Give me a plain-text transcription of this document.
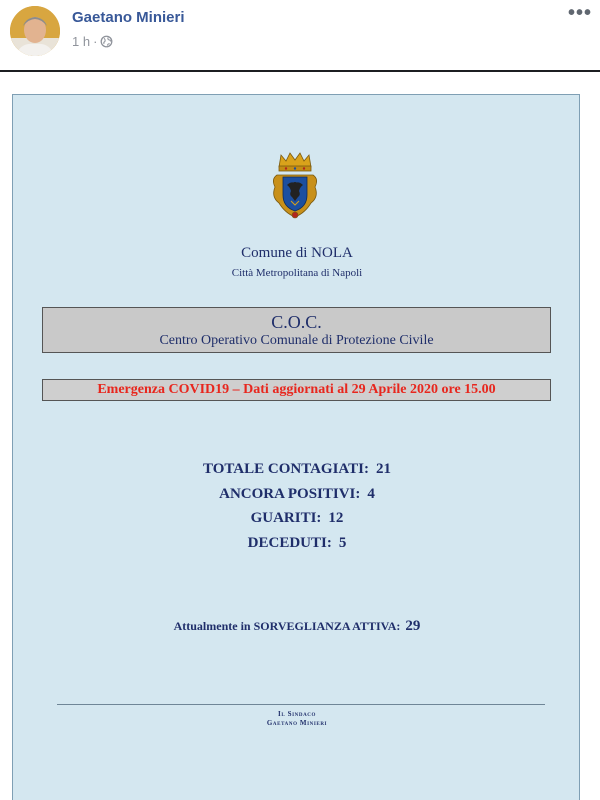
Gaetano Minieri
1 h ·
•••
Comune di NOLA
Città Metropolitana di Napoli
C.O.C.
Centro Operativo Comunale di Protezione Civile
Emergenza COVID19 – Dati aggiornati al 29 Aprile 2020 ore 15.00
TOTALE CONTAGIATI: 21
ANCORA POSITIVI: 4
GUARITI: 12
DECEDUTI: 5
Attualmente in SORVEGLIANZA ATTIVA: 29
Il Sindaco
Gaetano Minieri
